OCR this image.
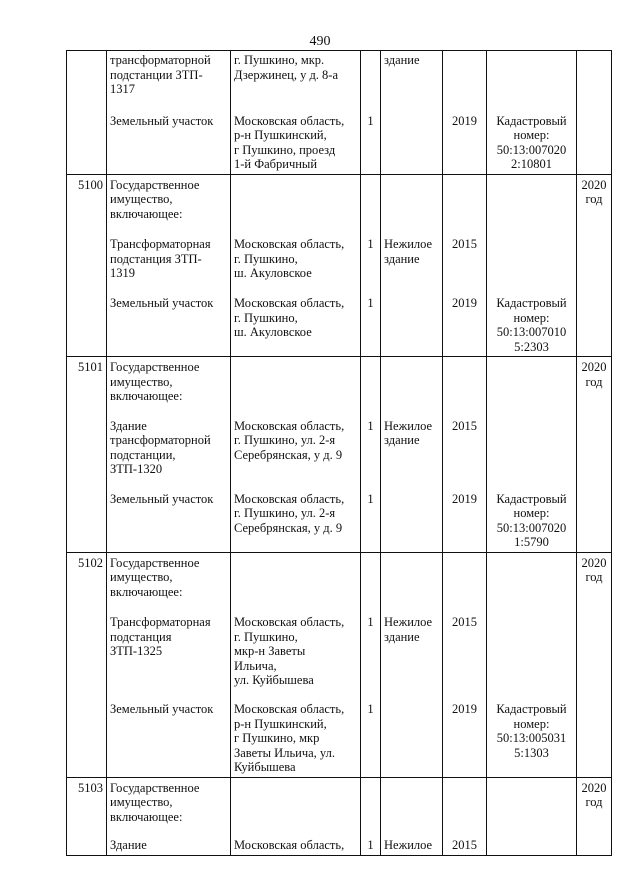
490
	трансформаторной
подстанции ЗТП-
1317	г. Пушкино, мкр.
Дзержинец, у д. 8-а		здание			
	Земельный участок	Московская область,
р-н Пушкинский,
г Пушкино, проезд
1-й Фабричный	1		2019	Кадастровый
номер:
50:13:007020
2:10801	
5100	Государственное
имущество,
включающее:						2020
год
	Трансформаторная
подстанция ЗТП-
1319	Московская область,
г. Пушкино,
ш. Акуловское	1	Нежилое
здание	2015		
	Земельный участок	Московская область,
г. Пушкино,
ш. Акуловское	1		2019	Кадастровый
номер:
50:13:007010
5:2303	
5101	Государственное
имущество,
включающее:						2020
год
	Здание
трансформаторной
подстанции,
ЗТП-1320	Московская область,
г. Пушкино, ул. 2-я
Серебрянская, у д. 9	1	Нежилое
здание	2015		
	Земельный участок	Московская область,
г. Пушкино, ул. 2-я
Серебрянская, у д. 9	1		2019	Кадастровый
номер:
50:13:007020
1:5790	
5102	Государственное
имущество,
включающее:						2020
год
	Трансформаторная
подстанция
ЗТП-1325	Московская область,
г. Пушкино,
мкр-н Заветы
Ильича,
ул. Куйбышева	1	Нежилое
здание	2015		
	Земельный участок	Московская область,
р-н Пушкинский,
г Пушкино, мкр
Заветы Ильича, ул.
Куйбышева	1		2019	Кадастровый
номер:
50:13:005031
5:1303	
5103	Государственное
имущество,
включающее:						2020
год
	Здание	Московская область,	1	Нежилое	2015		
